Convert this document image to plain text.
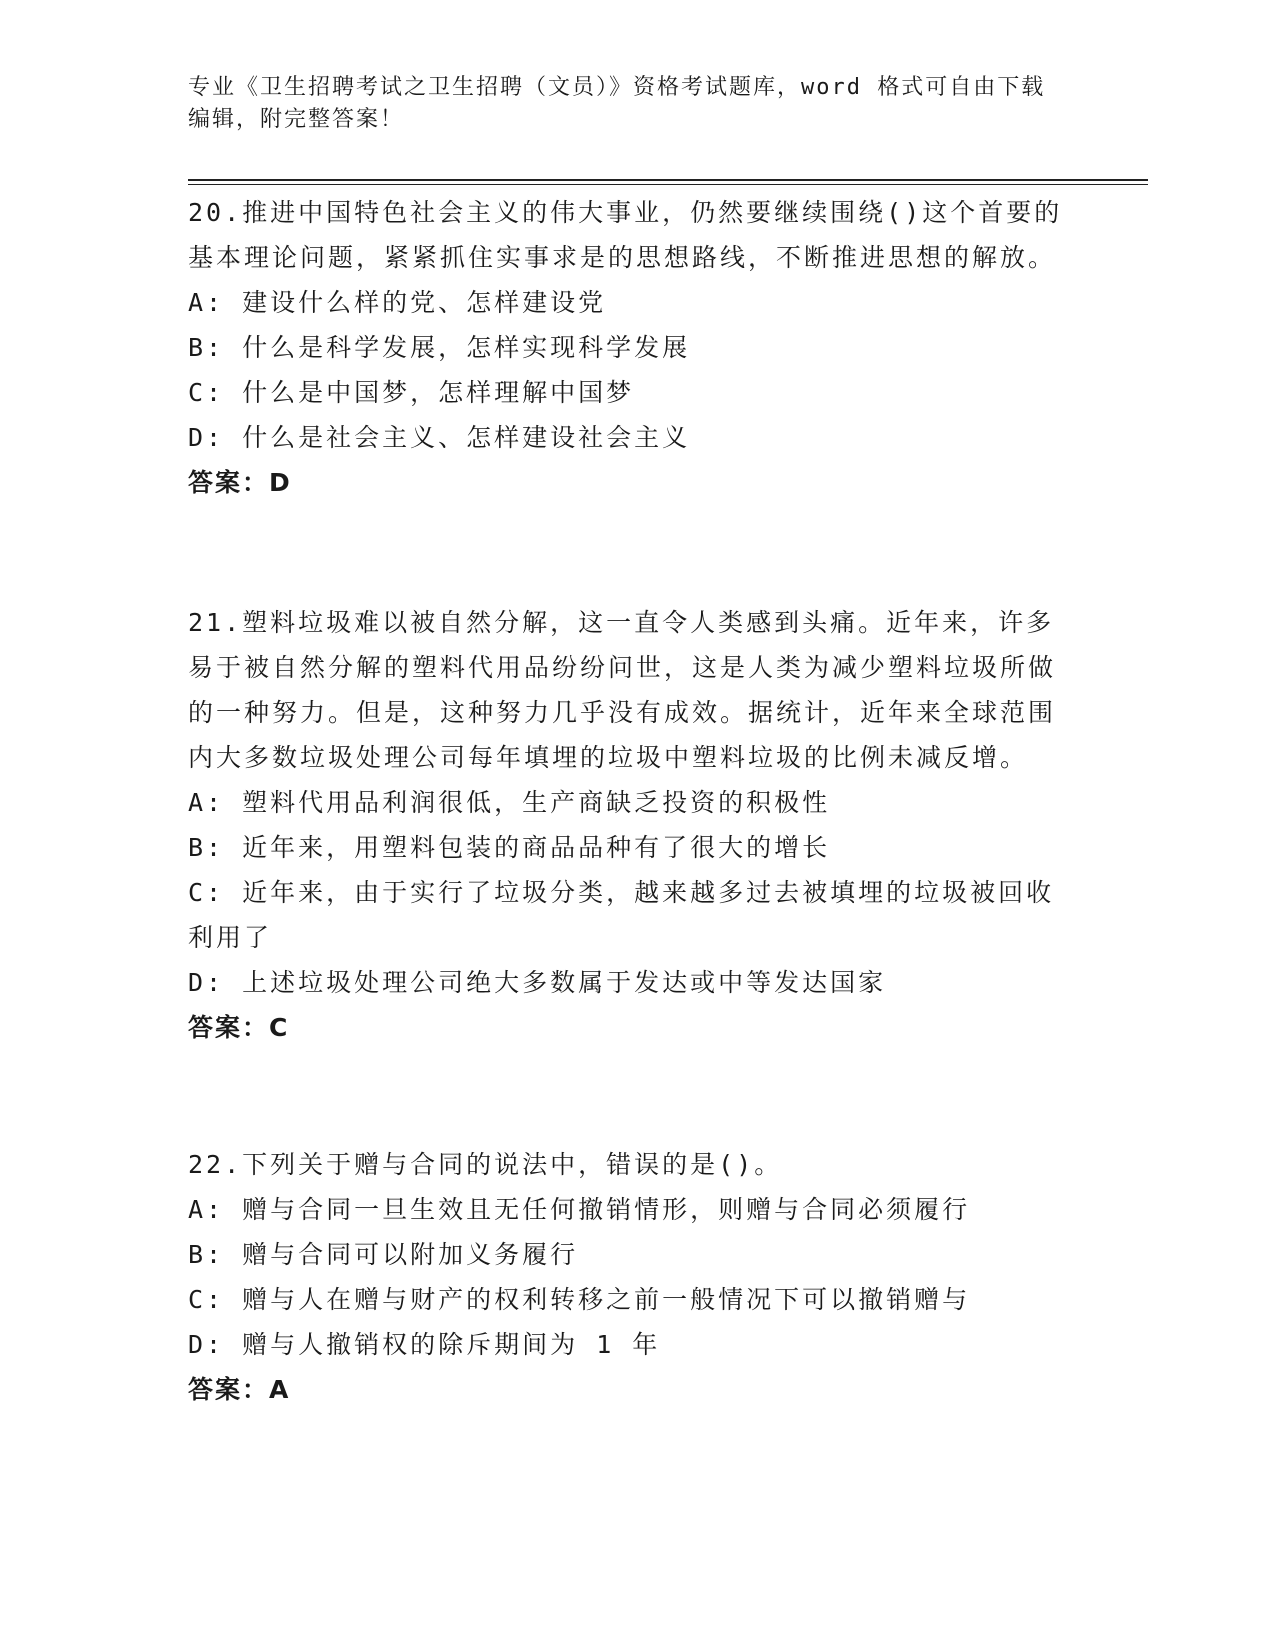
专业《卫生招聘考试之卫生招聘（文员）》资格考试题库，word 格式可自由下载
编辑，附完整答案！

20.推进中国特色社会主义的伟大事业，仍然要继续围绕()这个首要的基本理论问题，紧紧抓住实事求是的思想路线，不断推进思想的解放。

A: 建设什么样的党、怎样建设党

B: 什么是科学发展，怎样实现科学发展

C: 什么是中国梦，怎样理解中国梦

D: 什么是社会主义、怎样建设社会主义

答案：D

21.塑料垃圾难以被自然分解，这一直令人类感到头痛。近年来，许多易于被自然分解的塑料代用品纷纷问世，这是人类为减少塑料垃圾所做的一种努力。但是，这种努力几乎没有成效。据统计，近年来全球范围内大多数垃圾处理公司每年填埋的垃圾中塑料垃圾的比例未减反增。

A: 塑料代用品利润很低，生产商缺乏投资的积极性

B: 近年来，用塑料包装的商品品种有了很大的增长

C: 近年来，由于实行了垃圾分类，越来越多过去被填埋的垃圾被回收利用了

D: 上述垃圾处理公司绝大多数属于发达或中等发达国家

答案：C

22.下列关于赠与合同的说法中，错误的是()。

A: 赠与合同一旦生效且无任何撤销情形，则赠与合同必须履行

B: 赠与合同可以附加义务履行

C: 赠与人在赠与财产的权利转移之前一般情况下可以撤销赠与

D: 赠与人撤销权的除斥期间为 1 年

答案：A
